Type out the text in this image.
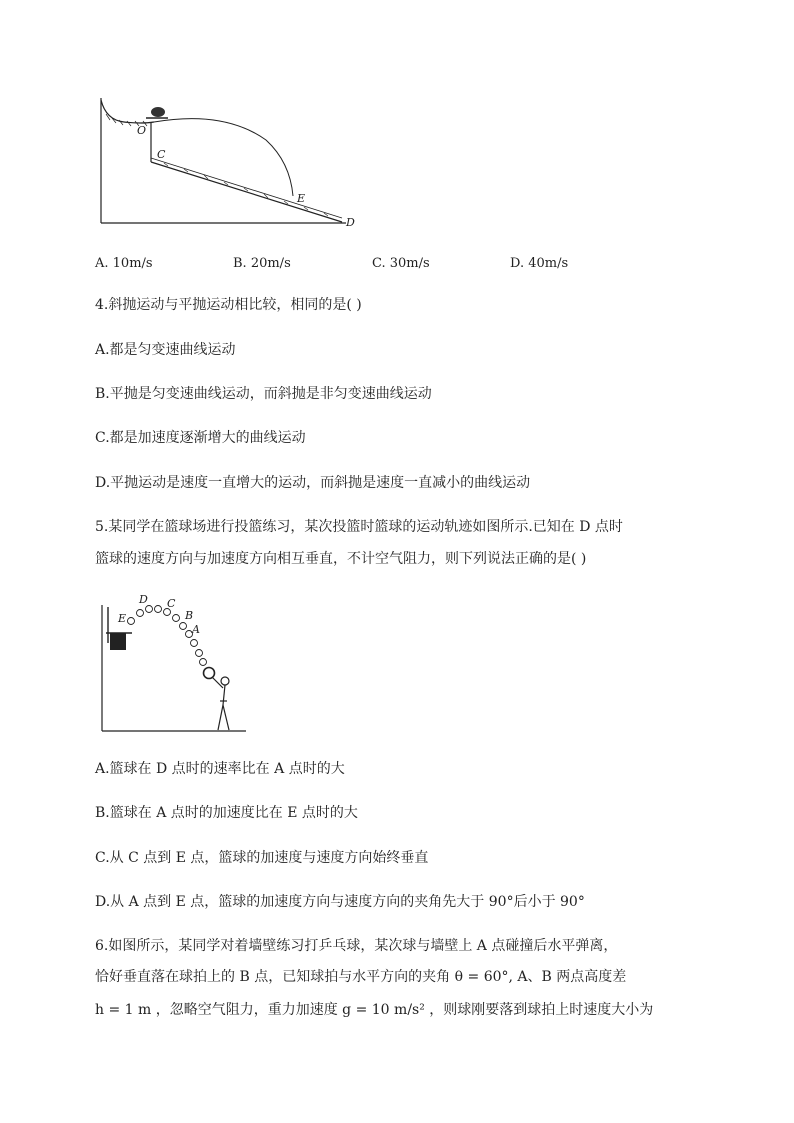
O
C
E
D
A. 10m/s	B. 20m/s	C. 30m/s	D. 40m/s
4.斜抛运动与平抛运动相比较，相同的是( )
A.都是匀变速曲线运动
B.平抛是匀变速曲线运动，而斜抛是非匀变速曲线运动
C.都是加速度逐渐增大的曲线运动
D.平抛运动是速度一直增大的运动，而斜抛是速度一直减小的曲线运动
5.某同学在篮球场进行投篮练习，某次投篮时篮球的运动轨迹如图所示.已知在 D 点时
篮球的速度方向与加速度方向相互垂直，不计空气阻力，则下列说法正确的是( )
E
D C
B
A
A.篮球在 D 点时的速率比在 A 点时的大
B.篮球在 A 点时的加速度比在 E 点时的大
C.从 C 点到 E 点，篮球的加速度与速度方向始终垂直
D.从 A 点到 E 点，篮球的加速度方向与速度方向的夹角先大于 90°后小于 90°
6.如图所示，某同学对着墙壁练习打乒乓球，某次球与墙壁上 A 点碰撞后水平弹离，
恰好垂直落在球拍上的 B 点，已知球拍与水平方向的夹角 θ = 60°, A、B 两点高度差
h = 1 m ，忽略空气阻力，重力加速度 g = 10 m/s² ，则球刚要落到球拍上时速度大小为
